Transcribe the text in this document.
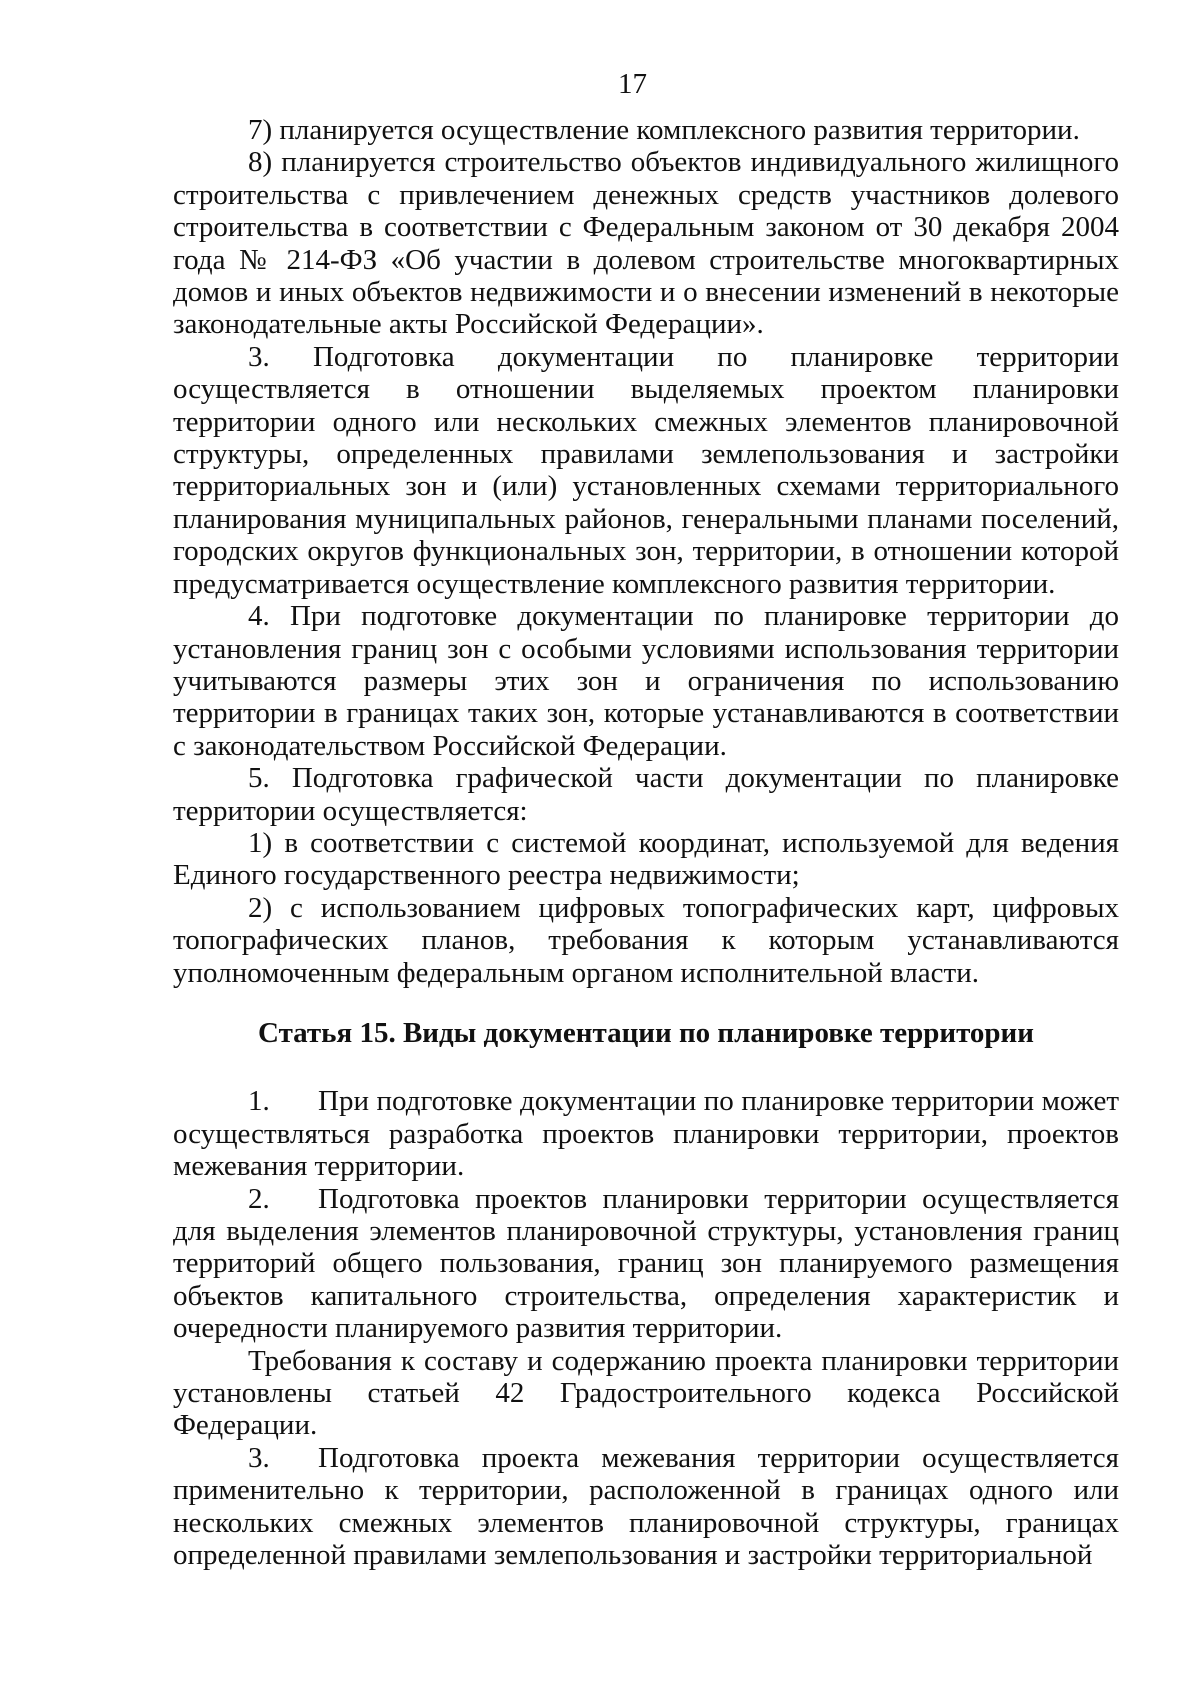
17

7) планируется осуществление комплексного развития территории.

8) планируется строительство объектов индивидуального жилищного строительства с привлечением денежных средств участников долевого строительства в соответствии с Федеральным законом от 30 декабря 2004 года № 214-ФЗ «Об участии в долевом строительстве многоквартирных домов и иных объектов недвижимости и о внесении изменений в некоторые законодательные акты Российской Федерации».

3. Подготовка документации по планировке территории осуществляется в отношении выделяемых проектом планировки территории одного или нескольких смежных элементов планировочной структуры, определенных правилами землепользования и застройки территориальных зон и (или) установленных схемами территориального планирования муниципальных районов, генеральными планами поселений, городских округов функциональных зон, территории, в отношении которой предусматривается осуществление комплексного развития территории.

4. При подготовке документации по планировке территории до установления границ зон с особыми условиями использования территории учитываются размеры этих зон и ограничения по использованию территории в границах таких зон, которые устанавливаются в соответствии с законодательством Российской Федерации.

5. Подготовка графической части документации по планировке территории осуществляется:

1) в соответствии с системой координат, используемой для ведения Единого государственного реестра недвижимости;

2) с использованием цифровых топографических карт, цифровых топографических планов, требования к которым устанавливаются уполномоченным федеральным органом исполнительной власти.

Статья 15. Виды документации по планировке территории

1. При подготовке документации по планировке территории может осуществляться разработка проектов планировки территории, проектов межевания территории.

2. Подготовка проектов планировки территории осуществляется для выделения элементов планировочной структуры, установления границ территорий общего пользования, границ зон планируемого размещения объектов капитального строительства, определения характеристик и очередности планируемого развития территории.

Требования к составу и содержанию проекта планировки территории установлены статьей 42 Градостроительного кодекса Российской Федерации.

3. Подготовка проекта межевания территории осуществляется применительно к территории, расположенной в границах одного или нескольких смежных элементов планировочной структуры, границах определенной правилами землепользования и застройки территориальной
